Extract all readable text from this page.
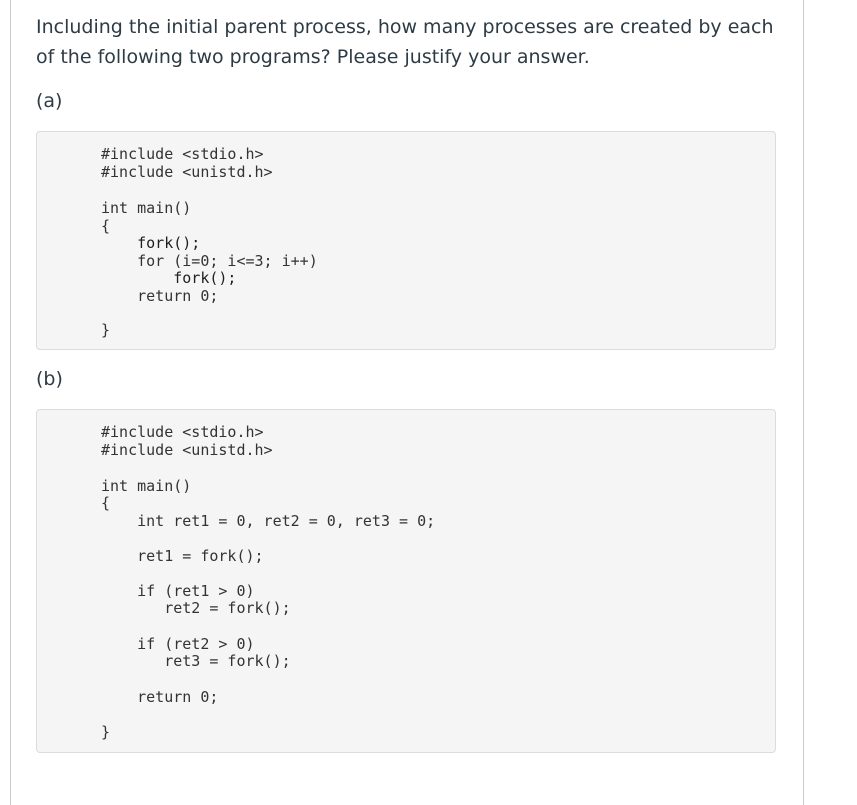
Including the initial parent process, how many processes are created by each of the following two programs? Please justify your answer.

(a)

#include <stdio.h>
#include <unistd.h>
int main()
{
fork();
for (i=0; i<=3; i++)
fork();
return 0;
}

(b)

#include <stdio.h>
#include <unistd.h>
int main()
{
int ret1 = 0, ret2 = 0, ret3 = 0;
ret1 = fork();
if (ret1 > 0)
ret2 = fork();
if (ret2 > 0)
ret3 = fork();
return 0;
}
